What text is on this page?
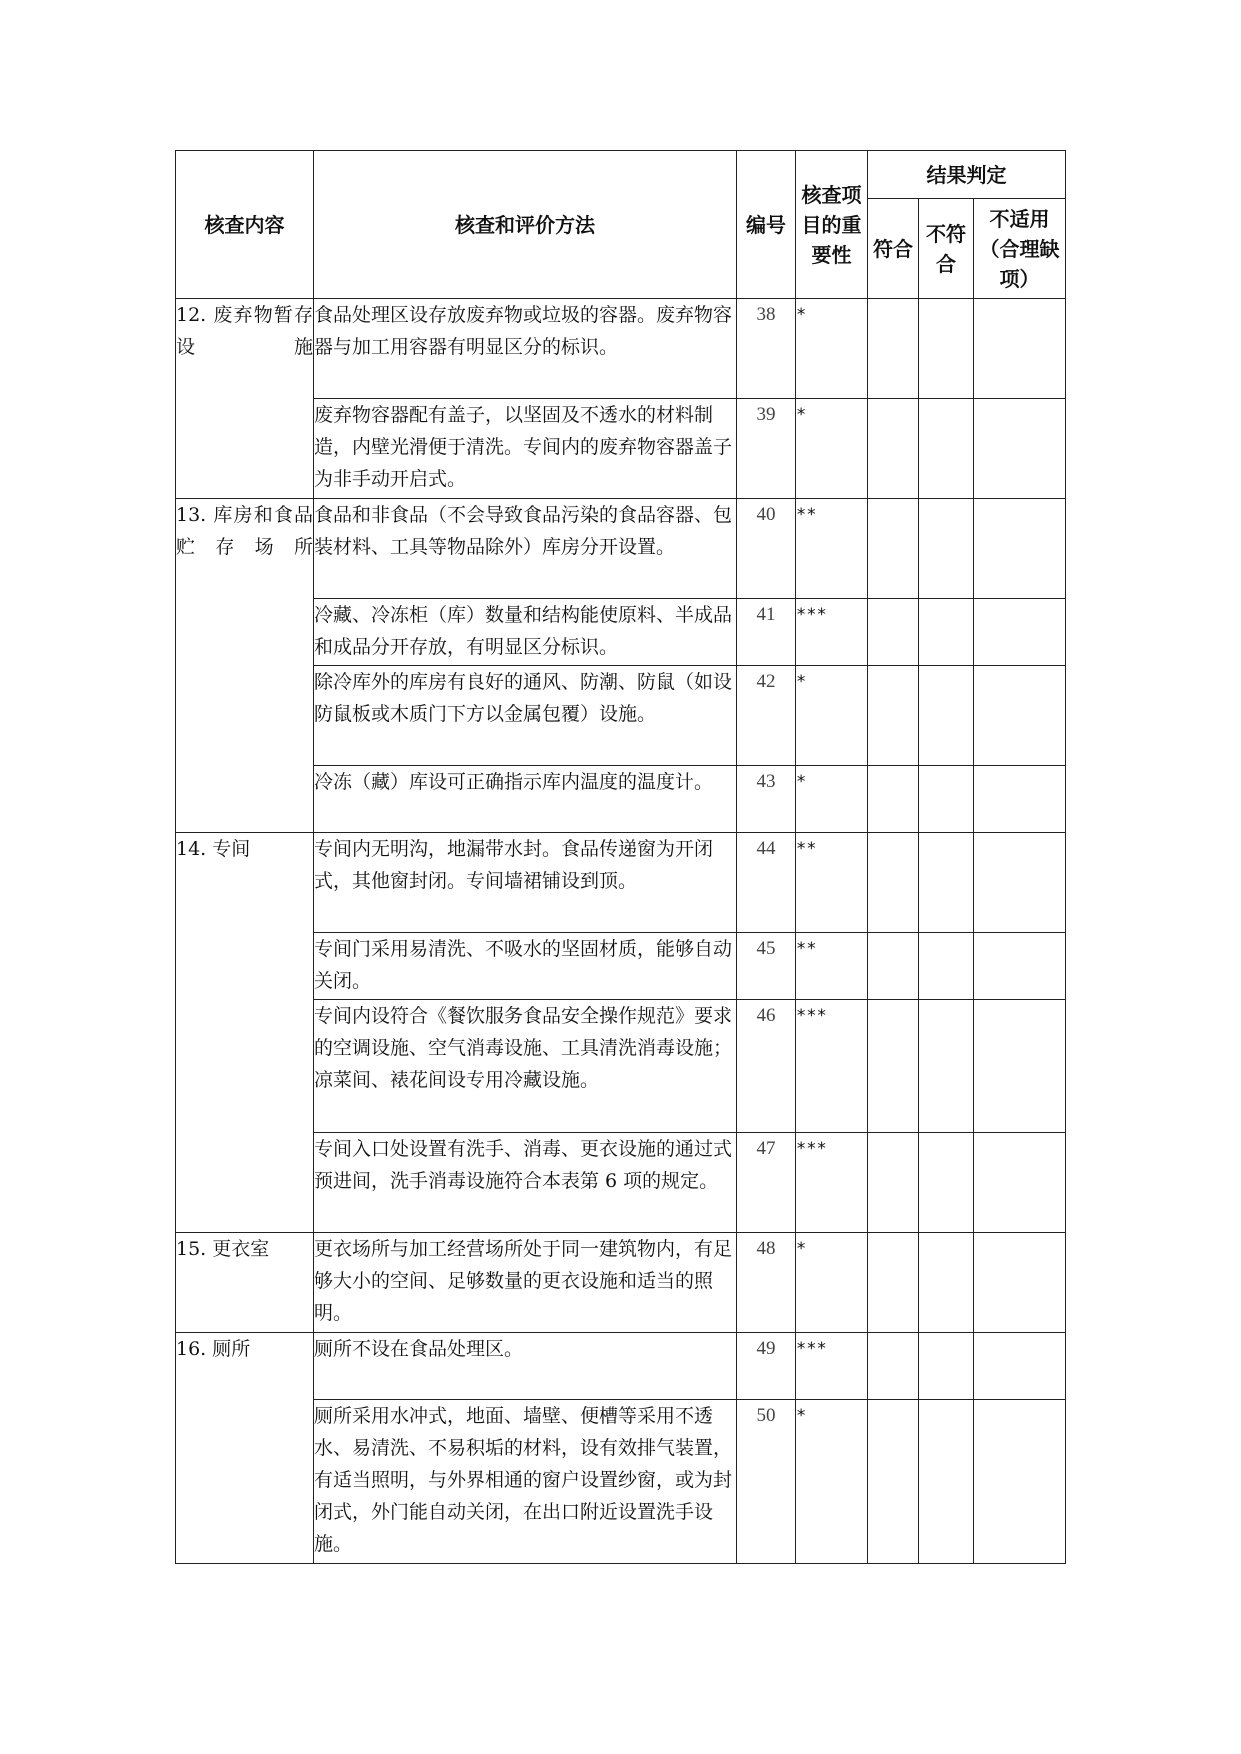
核查内容	核查和评价方法	编号	核查项目的重要性	结果判定		
				符合	不符合	不适用（合理缺项）
12. 废弃物暂存设施	食品处理区设存放废弃物或垃圾的容器。废弃物容器与加工用容器有明显区分的标识。	38	*			
	废弃物容器配有盖子，以坚固及不透水的材料制造，内壁光滑便于清洗。专间内的废弃物容器盖子为非手动开启式。	39	*			
13. 库房和食品贮存场所	食品和非食品（不会导致食品污染的食品容器、包装材料、工具等物品除外）库房分开设置。	40	**			
	冷藏、冷冻柜（库）数量和结构能使原料、半成品和成品分开存放，有明显区分标识。	41	***			
	除冷库外的库房有良好的通风、防潮、防鼠（如设防鼠板或木质门下方以金属包覆）设施。	42	*			
	冷冻（藏）库设可正确指示库内温度的温度计。	43	*			
14. 专间	专间内无明沟，地漏带水封。食品传递窗为开闭式，其他窗封闭。专间墙裙铺设到顶。	44	**			
	专间门采用易清洗、不吸水的坚固材质，能够自动关闭。	45	**			
	专间内设符合《餐饮服务食品安全操作规范》要求的空调设施、空气消毒设施、工具清洗消毒设施；凉菜间、裱花间设专用冷藏设施。	46	***			
	专间入口处设置有洗手、消毒、更衣设施的通过式预进间，洗手消毒设施符合本表第 6 项的规定。	47	***			
15. 更衣室	更衣场所与加工经营场所处于同一建筑物内，有足够大小的空间、足够数量的更衣设施和适当的照明。	48	*			
16. 厕所	厕所不设在食品处理区。	49	***			
	厕所采用水冲式，地面、墙壁、便槽等采用不透水、易清洗、不易积垢的材料，设有效排气装置，有适当照明，与外界相通的窗户设置纱窗，或为封闭式，外门能自动关闭，在出口附近设置洗手设施。	50	*			
